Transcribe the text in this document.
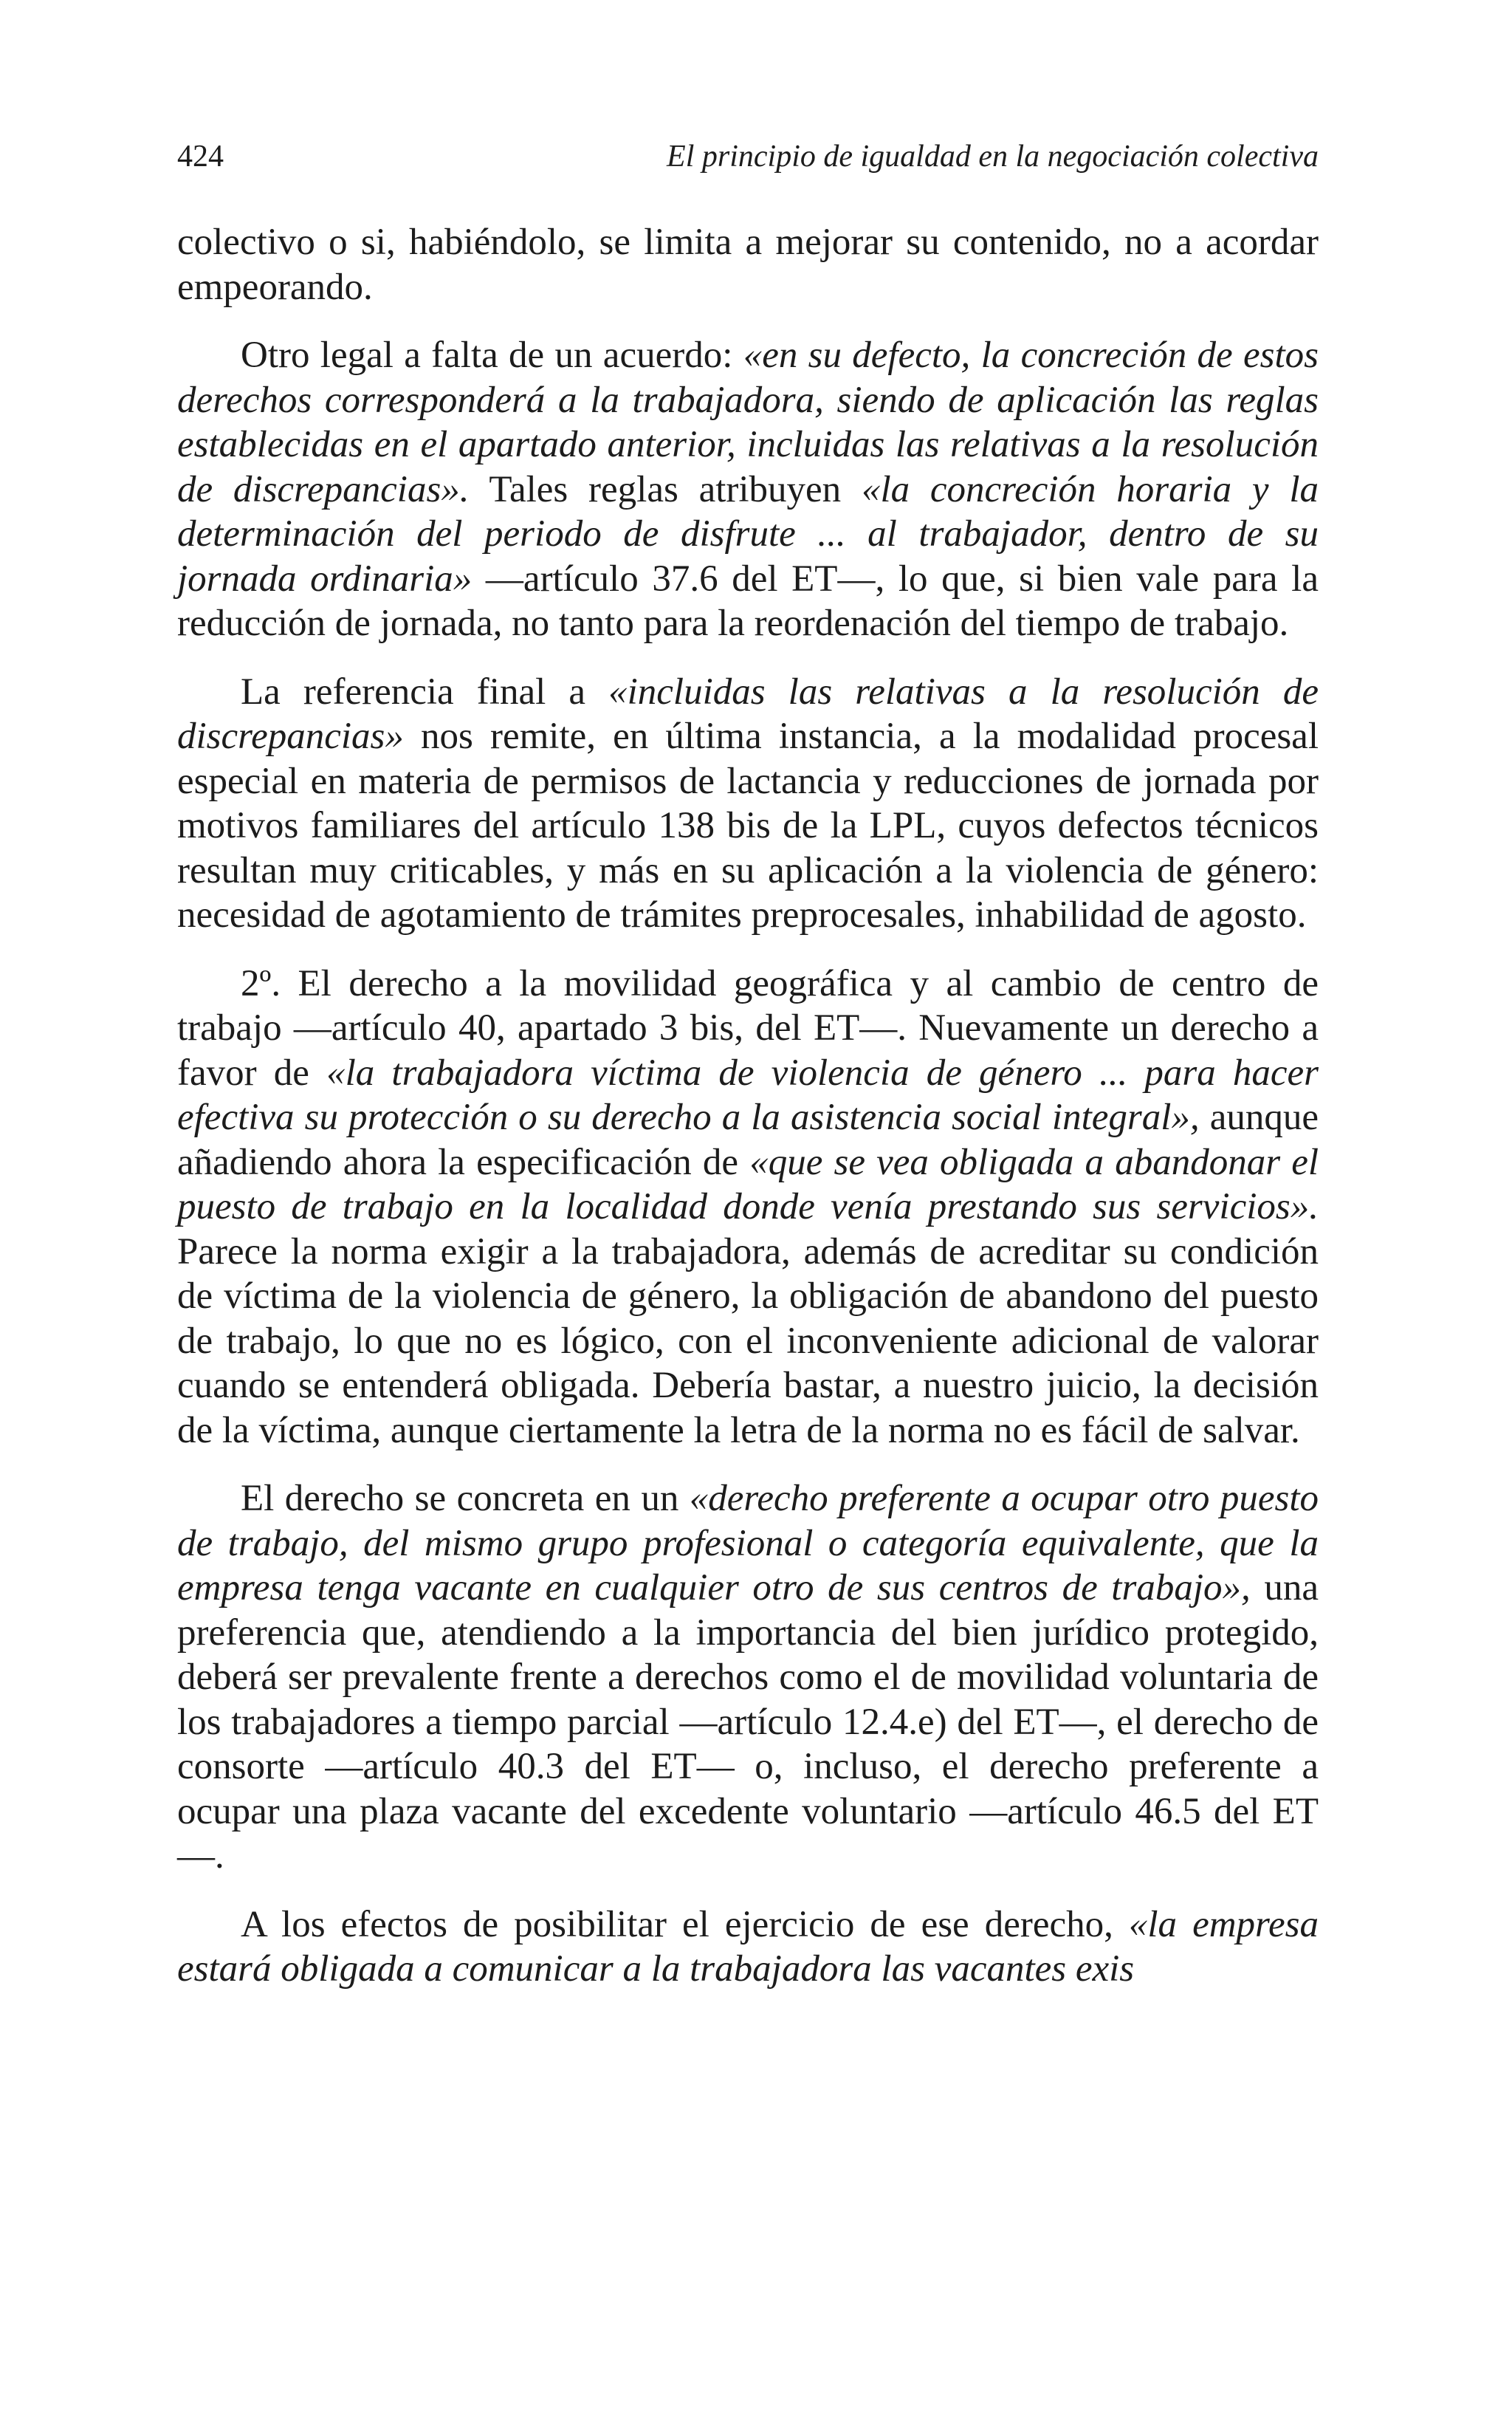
424	El principio de igualdad en la negociación colectiva

colectivo o si, habiéndolo, se limita a mejorar su contenido, no a acordar empeorando.

Otro legal a falta de un acuerdo: «en su defecto, la concreción de estos derechos corresponderá a la trabajadora, siendo de aplicación las reglas establecidas en el apartado anterior, incluidas las relativas a la resolución de discrepancias». Tales reglas atribuyen «la concreción horaria y la determinación del periodo de disfrute ... al trabajador, dentro de su jornada ordinaria» —artículo 37.6 del ET—, lo que, si bien vale para la reducción de jornada, no tanto para la reordenación del tiempo de trabajo.

La referencia final a «incluidas las relativas a la resolución de discrepancias» nos remite, en última instancia, a la modalidad procesal especial en materia de permisos de lactancia y reducciones de jornada por motivos familiares del artículo 138 bis de la LPL, cuyos defectos técnicos resultan muy criticables, y más en su aplicación a la violencia de género: necesidad de agotamiento de trámites preprocesales, inhabilidad de agosto.

2º. El derecho a la movilidad geográfica y al cambio de centro de trabajo —artículo 40, apartado 3 bis, del ET—. Nuevamente un derecho a favor de «la trabajadora víctima de violencia de género ... para hacer efectiva su protección o su derecho a la asistencia social integral», aunque añadiendo ahora la especificación de «que se vea obligada a abandonar el puesto de trabajo en la localidad donde venía prestando sus servicios». Parece la norma exigir a la trabajadora, además de acreditar su condición de víctima de la violencia de género, la obligación de abandono del puesto de trabajo, lo que no es lógico, con el inconveniente adicional de valorar cuando se entenderá obligada. Debería bastar, a nuestro juicio, la decisión de la víctima, aunque ciertamente la letra de la norma no es fácil de salvar.

El derecho se concreta en un «derecho preferente a ocupar otro puesto de trabajo, del mismo grupo profesional o categoría equivalente, que la empresa tenga vacante en cualquier otro de sus centros de trabajo», una preferencia que, atendiendo a la importancia del bien jurídico protegido, deberá ser prevalente frente a derechos como el de movilidad voluntaria de los trabajadores a tiempo parcial —artículo 12.4.e) del ET—, el derecho de consorte —artículo 40.3 del ET— o, incluso, el derecho preferente a ocupar una plaza vacante del excedente voluntario —artículo 46.5 del ET—.

A los efectos de posibilitar el ejercicio de ese derecho, «la empresa estará obligada a comunicar a la trabajadora las vacantes exis
